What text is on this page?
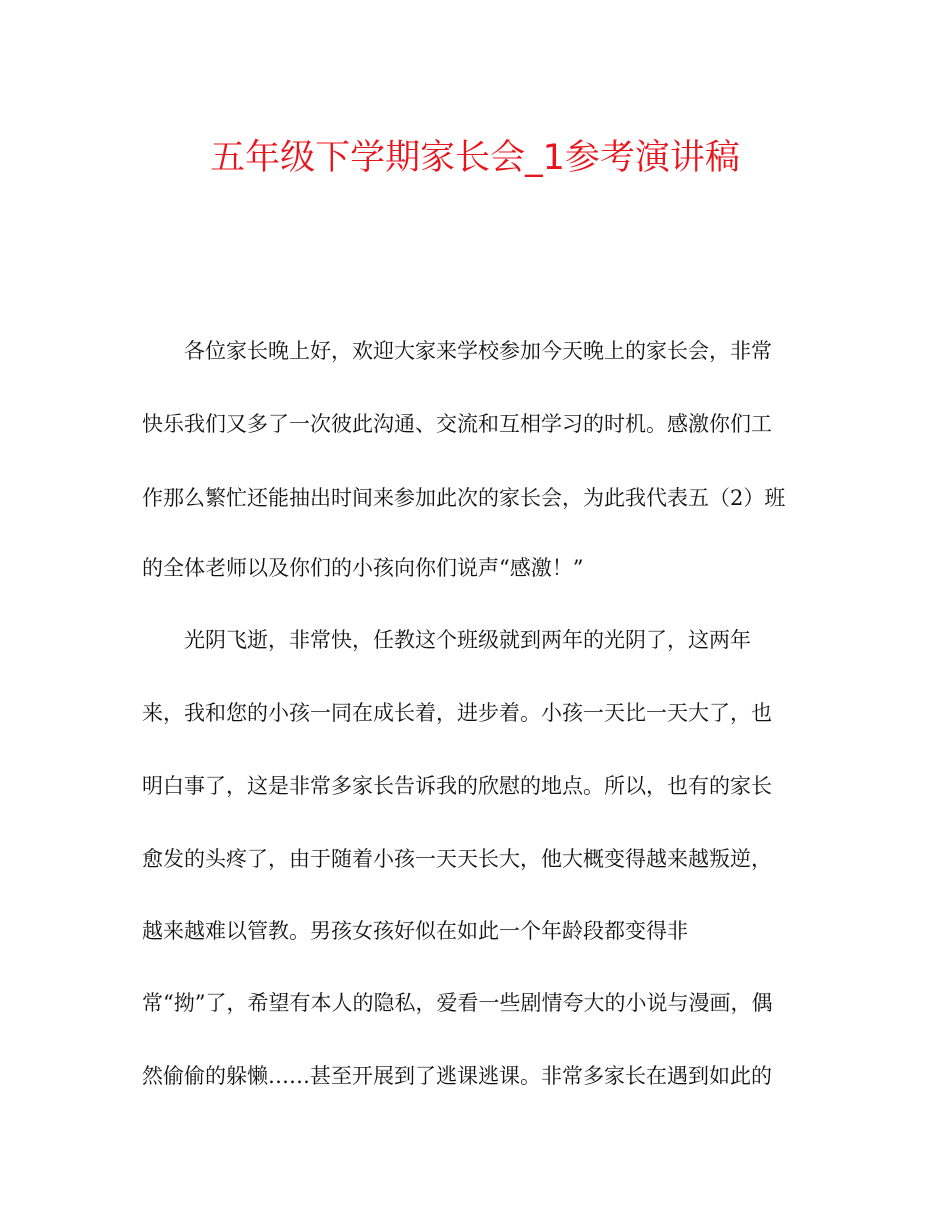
五年级下学期家长会_1参考演讲稿
各位家长晚上好，欢迎大家来学校参加今天晚上的家长会，非常
快乐我们又多了一次彼此沟通、交流和互相学习的时机。感激你们工
作那么繁忙还能抽出时间来参加此次的家长会，为此我代表五（2）班
的全体老师以及你们的小孩向你们说声“感激！”
光阴飞逝，非常快，任教这个班级就到两年的光阴了，这两年
来，我和您的小孩一同在成长着，进步着。小孩一天比一天大了，也
明白事了，这是非常多家长告诉我的欣慰的地点。所以，也有的家长
愈发的头疼了，由于随着小孩一天天长大，他大概变得越来越叛逆，
越来越难以管教。男孩女孩好似在如此一个年龄段都变得非
常“拗”了，希望有本人的隐私，爱看一些剧情夸大的小说与漫画，偶
然偷偷的躲懒……甚至开展到了逃课逃课。非常多家长在遇到如此的
